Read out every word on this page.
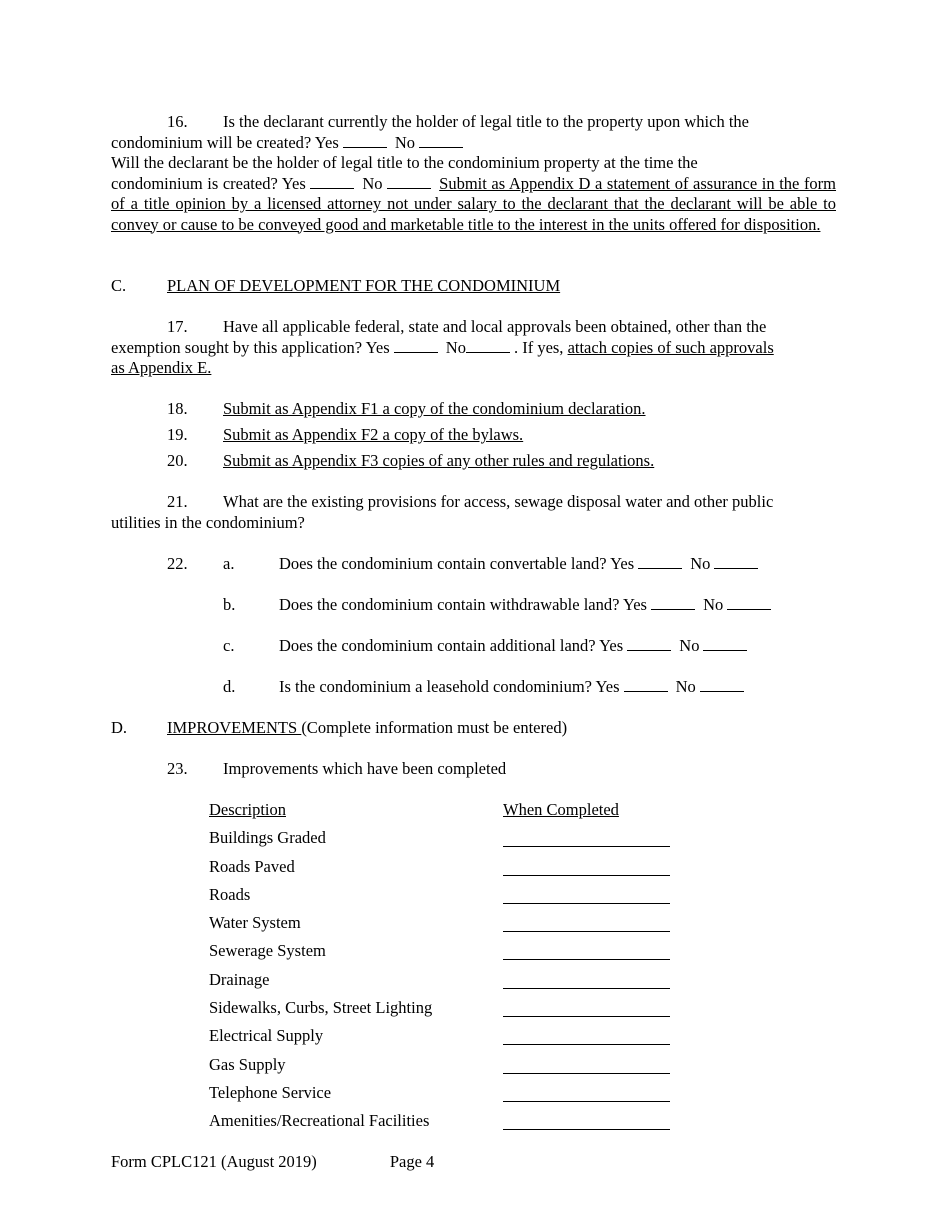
16. Is the declarant currently the holder of legal title to the property upon which the

condominium will be created? Yes	No

Will the declarant be the holder of legal title to the condominium property at the time the

condominium is created? Yes	No	Submit as Appendix D a statement of assurance in the form of a title opinion by a licensed attorney not under salary to the declarant that the declarant will be able to convey or cause to be conveyed good and marketable title to the interest in the units offered for disposition.

C. PLAN OF DEVELOPMENT FOR THE CONDOMINIUM

17. Have all applicable federal, state and local approvals been obtained, other than the

exemption sought by this application? Yes	No	. If yes, attach copies of such approvals

as Appendix E.

18. Submit as Appendix F1 a copy of the condominium declaration.

19. Submit as Appendix F2 a copy of the bylaws.

20. Submit as Appendix F3 copies of any other rules and regulations.

21. What are the existing provisions for access, sewage disposal water and other public

utilities in the condominium?

22.	a.	Does the condominium contain convertable land? Yes	No
b.	Does the condominium contain withdrawable land? Yes	No
c.	Does the condominium contain additional land? Yes	No
d.	Is the condominium a leasehold condominium? Yes	No

D. IMPROVEMENTS (Complete information must be entered)

23. Improvements which have been completed

Description	When Completed
Buildings Graded
Roads Paved
Roads
Water System
Sewerage System
Drainage
Sidewalks, Curbs, Street Lighting
Electrical Supply
Gas Supply
Telephone Service
Amenities/Recreational Facilities

Form CPLC121 (August 2019)	Page 4
